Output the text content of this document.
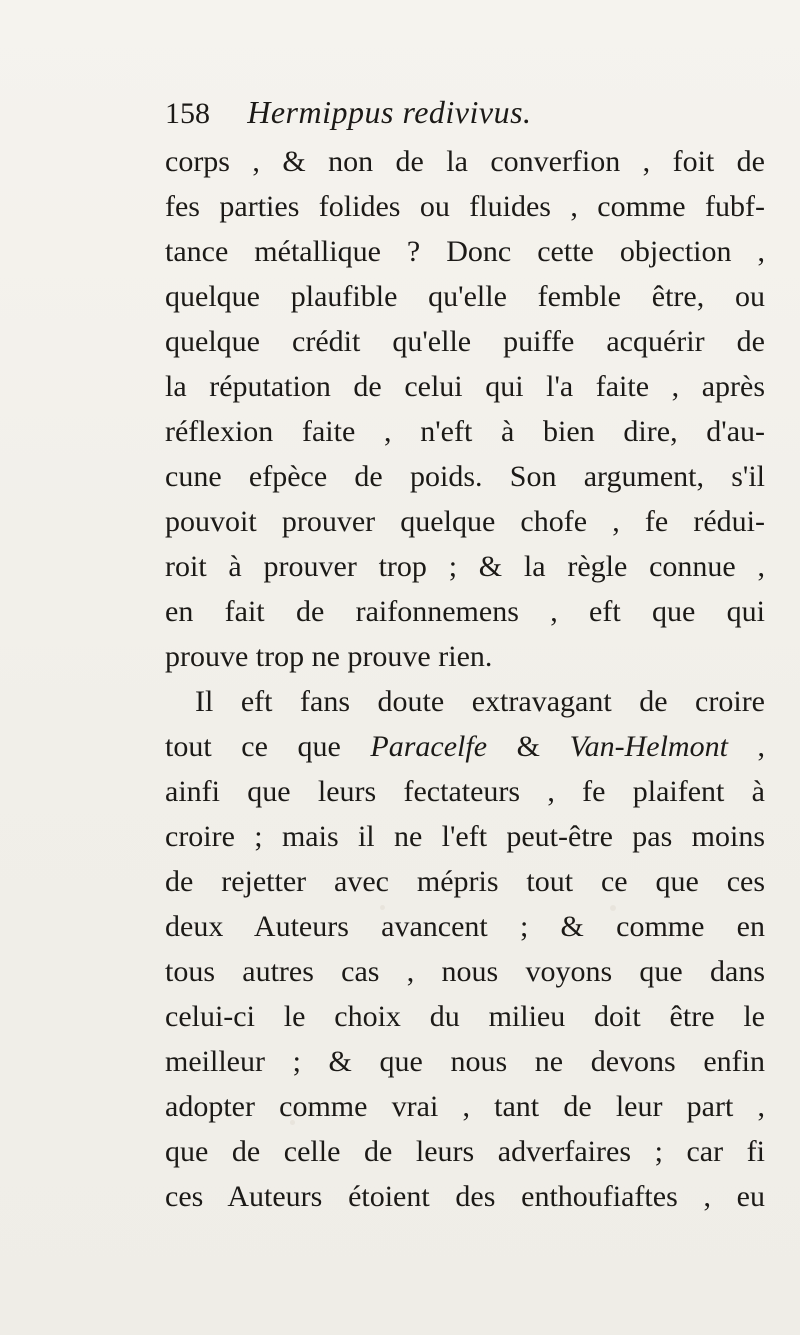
158 Hermippus redivivus.
corps , & non de la converfion , foit de
fes parties folides ou fluides , comme fubf-
tance métallique ? Donc cette objection ,
quelque plaufible qu'elle femble être, ou
quelque crédit qu'elle puiffe acquérir de
la réputation de celui qui l'a faite , après
réflexion faite , n'eft à bien dire, d'au-
cune efpèce de poids. Son argument, s'il
pouvoit prouver quelque chofe , fe rédui-
roit à prouver trop ; & la règle connue ,
en fait de raifonnemens , eft que qui
prouve trop ne prouve rien.
Il eft fans doute extravagant de croire
tout ce que Paracelfe & Van-Helmont ,
ainfi que leurs fectateurs , fe plaifent à
croire ; mais il ne l'eft peut-être pas moins
de rejetter avec mépris tout ce que ces
deux Auteurs avancent ; & comme en
tous autres cas , nous voyons que dans
celui-ci le choix du milieu doit être le
meilleur ; & que nous ne devons enfin
adopter comme vrai , tant de leur part ,
que de celle de leurs adverfaires ; car fi
ces Auteurs étoient des enthoufiaftes , eu
